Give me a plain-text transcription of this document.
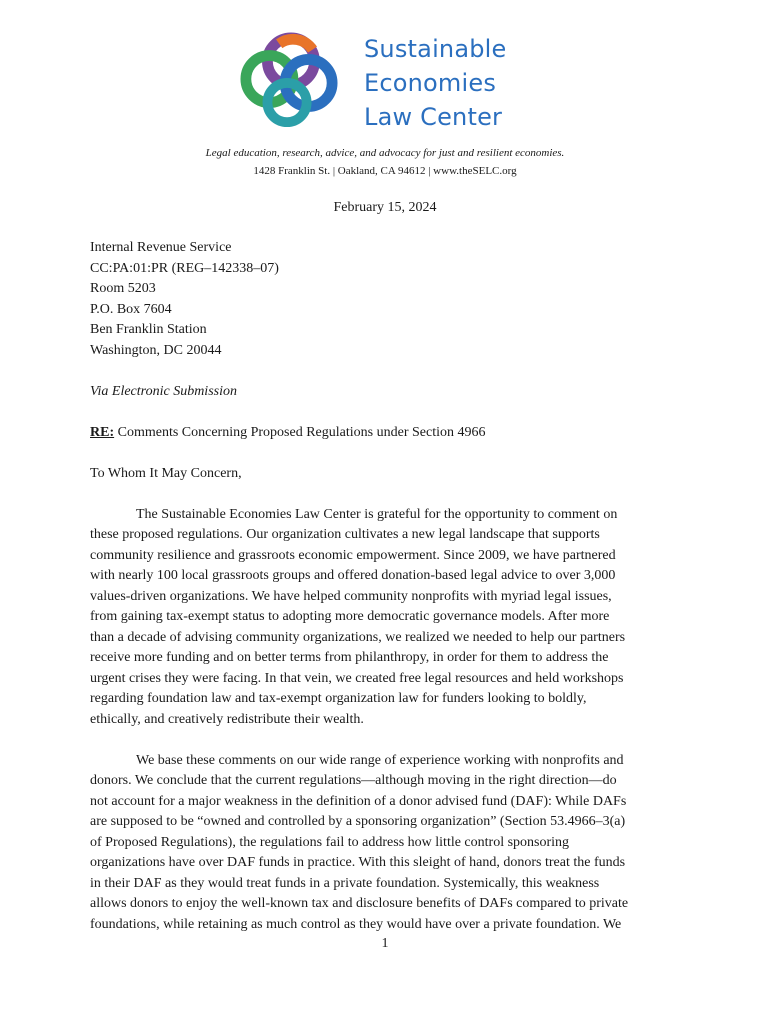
Sustainable
Economies
Law Center
Legal education, research, advice, and advocacy for just and resilient economies.
1428 Franklin St. | Oakland, CA 94612 | www.theSELC.org
February 15, 2024
Internal Revenue Service
CC:PA:01:PR (REG–142338–07)
Room 5203
P.O. Box 7604
Ben Franklin Station
Washington, DC 20044
Via Electronic Submission
RE: Comments Concerning Proposed Regulations under Section 4966
To Whom It May Concern,
The Sustainable Economies Law Center is grateful for the opportunity to comment on
these proposed regulations. Our organization cultivates a new legal landscape that supports
community resilience and grassroots economic empowerment. Since 2009, we have partnered
with nearly 100 local grassroots groups and offered donation-based legal advice to over 3,000
values-driven organizations. We have helped community nonprofits with myriad legal issues,
from gaining tax-exempt status to adopting more democratic governance models. After more
than a decade of advising community organizations, we realized we needed to help our partners
receive more funding and on better terms from philanthropy, in order for them to address the
urgent crises they were facing. In that vein, we created free legal resources and held workshops
regarding foundation law and tax-exempt organization law for funders looking to boldly,
ethically, and creatively redistribute their wealth.
We base these comments on our wide range of experience working with nonprofits and
donors. We conclude that the current regulations—although moving in the right direction—do
not account for a major weakness in the definition of a donor advised fund (DAF): While DAFs
are supposed to be “owned and controlled by a sponsoring organization” (Section 53.4966–3(a)
of Proposed Regulations), the regulations fail to address how little control sponsoring
organizations have over DAF funds in practice. With this sleight of hand, donors treat the funds
in their DAF as they would treat funds in a private foundation. Systemically, this weakness
allows donors to enjoy the well-known tax and disclosure benefits of DAFs compared to private
foundations, while retaining as much control as they would have over a private foundation. We
1
